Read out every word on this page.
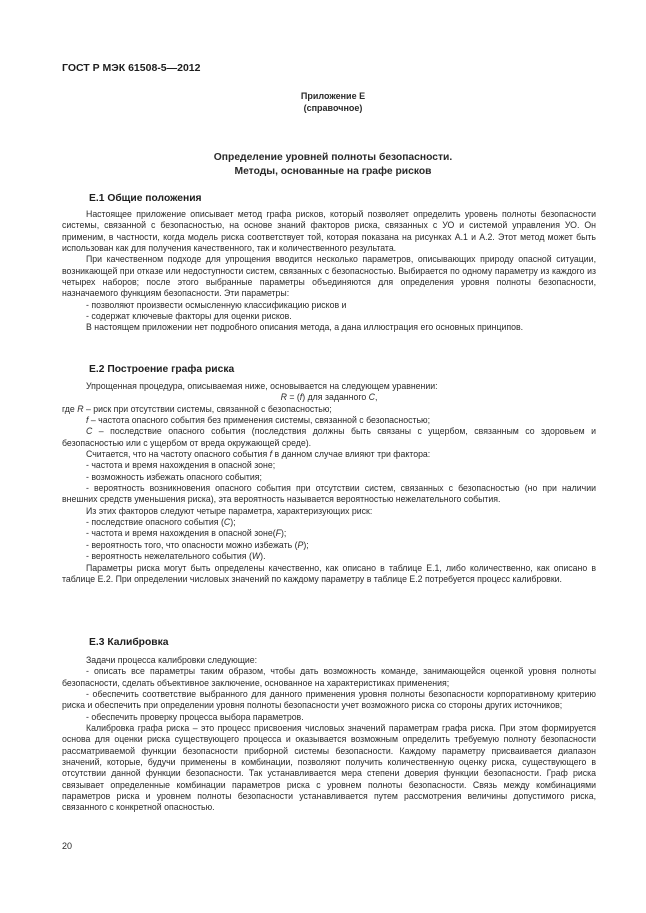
ГОСТ Р МЭК 61508-5—2012
Приложение Е
(справочное)
Определение уровней полноты безопасности.
Методы, основанные на графе рисков
Е.1 Общие положения

Настоящее приложение описывает метод графа рисков, который позволяет определить уровень полноты безопасности системы, связанной с безопасностью, на основе знаний факторов риска, связанных с УО и системой управления УО. Он применим, в частности, когда модель риска соответствует той, которая показана на рисунках А.1 и А.2. Этот метод может быть использован как для получения качественного, так и количественного результата.

При качественном подходе для упрощения вводится несколько параметров, описывающих природу опасной ситуации, возникающей при отказе или недоступности систем, связанных с безопасностью. Выбирается по одному параметру из каждого из четырех наборов; после этого выбранные параметры объединяются для определения уровня полноты безопасности, назначаемого функциям безопасности. Эти параметры:

- позволяют произвести осмысленную классификацию рисков и

- содержат ключевые факторы для оценки рисков.

В настоящем приложении нет подробного описания метода, а дана иллюстрация его основных принципов.

Е.2 Построение графа риска

Упрощенная процедура, описываемая ниже, основывается на следующем уравнении:

R = (f) для заданного C,

где R – риск при отсутствии системы, связанной с безопасностью;

f – частота опасного события без применения системы, связанной с безопасностью;

C – последствие опасного события (последствия должны быть связаны с ущербом, связанным со здоровьем и безопасностью или с ущербом от вреда окружающей среде).

Считается, что на частоту опасного события f в данном случае влияют три фактора:

- частота и время нахождения в опасной зоне;

- возможность избежать опасного события;

- вероятность возникновения опасного события при отсутствии систем, связанных с безопасностью (но при наличии внешних средств уменьшения риска), эта вероятность называется вероятностью нежелательного события.

Из этих факторов следуют четыре параметра, характеризующих риск:

- последствие опасного события (C);

- частота и время нахождения в опасной зоне(F);

- вероятность того, что опасности можно избежать (P);

- вероятность нежелательного события (W).

Параметры риска могут быть определены качественно, как описано в таблице Е.1, либо количественно, как описано в таблице Е.2. При определении числовых значений по каждому параметру в таблице Е.2 потребуется процесс калибровки.

Е.3 Калибровка

Задачи процесса калибровки следующие:

- описать все параметры таким образом, чтобы дать возможность команде, занимающейся оценкой уровня полноты безопасности, сделать объективное заключение, основанное на характеристиках применения;

- обеспечить соответствие выбранного для данного применения уровня полноты безопасности корпоративному критерию риска и обеспечить при определении уровня полноты безопасности учет возможного риска со стороны других источников;

- обеспечить проверку процесса выбора параметров.

Калибровка графа риска – это процесс присвоения числовых значений параметрам графа риска. При этом формируется основа для оценки риска существующего процесса и оказывается возможным определить требуемую полноту безопасности рассматриваемой функции безопасности приборной системы безопасности. Каждому параметру присваивается диапазон значений, которые, будучи применены в комбинации, позволяют получить количественную оценку риска, существующего в отсутствии данной функции безопасности. Так устанавливается мера степени доверия функции безопасности. Граф риска связывает определенные комбинации параметров риска с уровнем полноты безопасности. Связь между комбинациями параметров риска и уровнем полноты безопасности устанавливается путем рассмотрения величины допустимого риска, связанного с конкретной опасностью.

20
